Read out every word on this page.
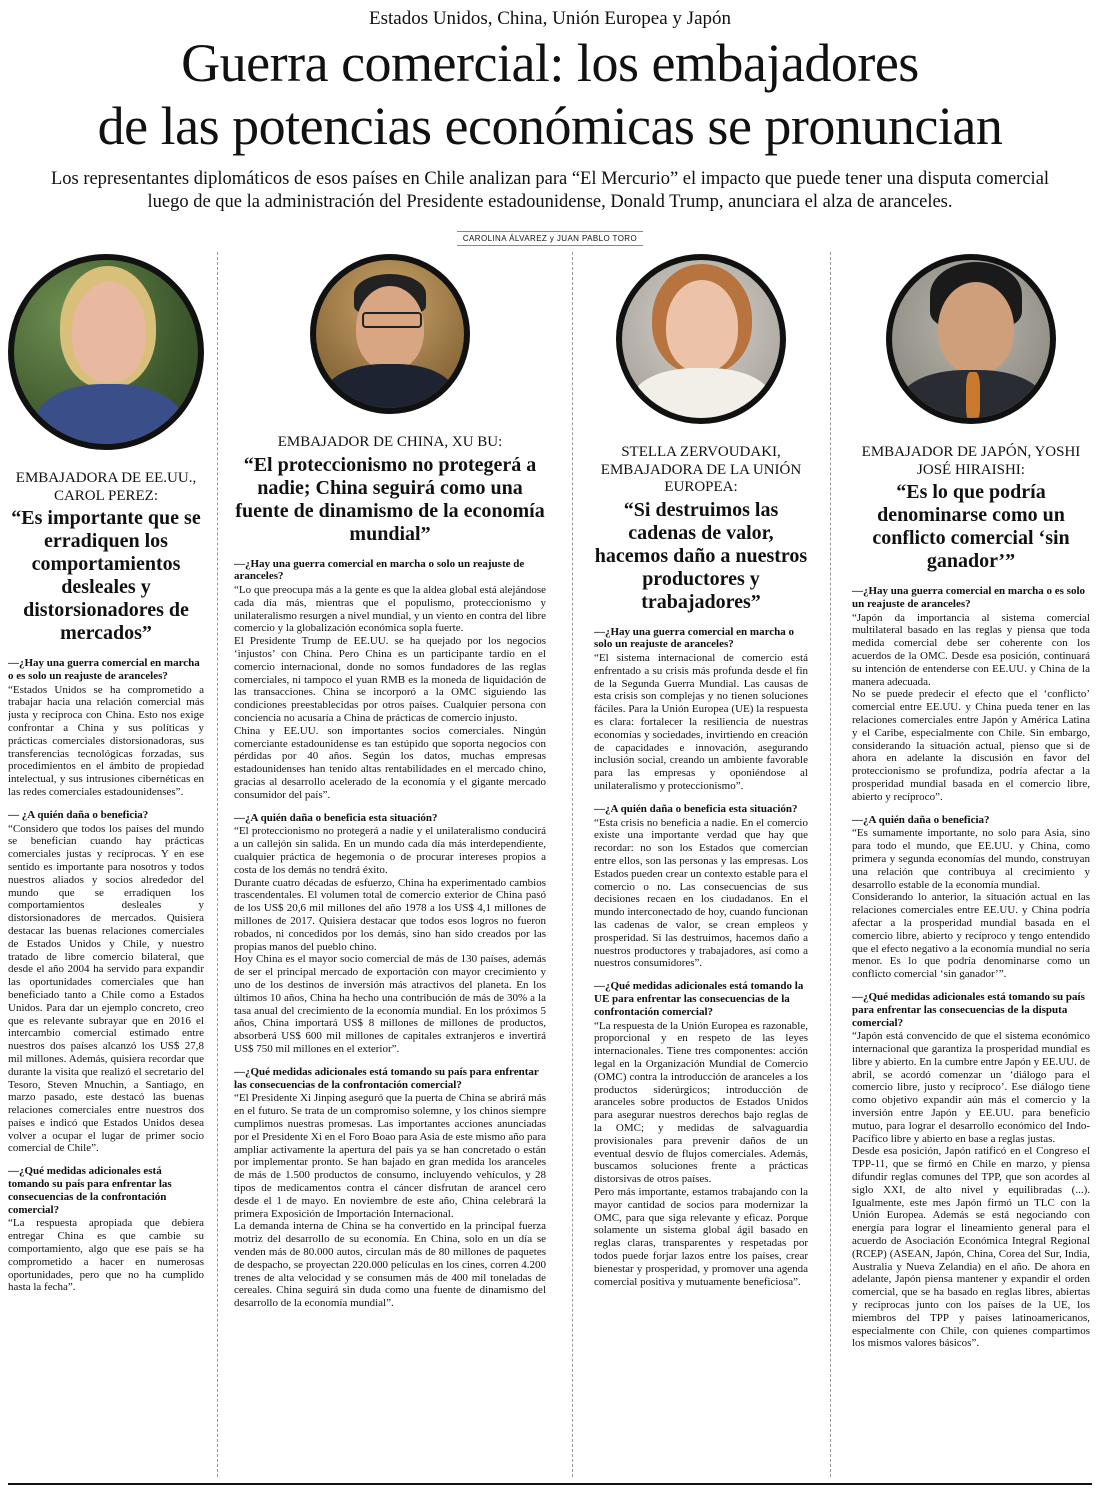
Estados Unidos, China, Unión Europea y Japón
Guerra comercial: los embajadores
de las potencias económicas se pronuncian
Los representantes diplomáticos de esos países en Chile analizan para “El Mercurio” el impacto que puede tener una disputa comercial luego de que la administración del Presidente estadounidense, Donald Trump, anunciara el alza de aranceles.
CAROLINA ÁLVAREZ y JUAN PABLO TORO
EMBAJADORA DE EE.UU., CAROL PEREZ:
“Es importante que se erradiquen los comportamientos desleales y distorsionadores de mercados”

—¿Hay una guerra comercial en marcha o es solo un reajuste de aranceles?

“Estados Unidos se ha comprometido a trabajar hacia una relación comercial más justa y recíproca con China. Esto nos exige confrontar a China y sus políticas y prácticas comerciales distorsionadoras, sus transferencias tecnológicas forzadas, sus procedimientos en el ámbito de propiedad intelectual, y sus intrusiones cibernéticas en las redes comerciales estadounidenses”.

— ¿A quién daña o beneficia?

“Considero que todos los países del mundo se benefician cuando hay prácticas comerciales justas y recíprocas. Y en ese sentido es importante para nosotros y todos nuestros aliados y socios alrededor del mundo que se erradiquen los comportamientos desleales y distorsionadores de mercados. Quisiera destacar las buenas relaciones comerciales de Estados Unidos y Chile, y nuestro tratado de libre comercio bilateral, que desde el año 2004 ha servido para expandir las oportunidades comerciales que han beneficiado tanto a Chile como a Estados Unidos. Para dar un ejemplo concreto, creo que es relevante subrayar que en 2016 el intercambio comercial estimado entre nuestros dos países alcanzó los US$ 27,8 mil millones. Además, quisiera recordar que durante la visita que realizó el secretario del Tesoro, Steven Mnuchin, a Santiago, en marzo pasado, este destacó las buenas relaciones comerciales entre nuestros dos países e indicó que Estados Unidos desea volver a ocupar el lugar de primer socio comercial de Chile”.

—¿Qué medidas adicionales está tomando su país para enfrentar las consecuencias de la confrontación comercial?

“La respuesta apropiada que debiera entregar China es que cambie su comportamiento, algo que ese país se ha comprometido a hacer en numerosas oportunidades, pero que no ha cumplido hasta la fecha”.

EMBAJADOR DE CHINA, XU BU:
“El proteccionismo no protegerá a nadie; China seguirá como una fuente de dinamismo de la economía mundial”

—¿Hay una guerra comercial en marcha o solo un reajuste de aranceles?

“Lo que preocupa más a la gente es que la aldea global está alejándose cada día más, mientras que el populismo, proteccionismo y unilateralismo resurgen a nivel mundial, y un viento en contra del libre comercio y la globalización económica sopla fuerte.

El Presidente Trump de EE.UU. se ha quejado por los negocios ‘injustos’ con China. Pero China es un participante tardío en el comercio internacional, donde no somos fundadores de las reglas comerciales, ni tampoco el yuan RMB es la moneda de liquidación de las transacciones. China se incorporó a la OMC siguiendo las condiciones preestablecidas por otros países. Cualquier persona con conciencia no acusaría a China de prácticas de comercio injusto.

China y EE.UU. son importantes socios comerciales. Ningún comerciante estadounidense es tan estúpido que soporta negocios con pérdidas por 40 años. Según los datos, muchas empresas estadounidenses han tenido altas rentabilidades en el mercado chino, gracias al desarrollo acelerado de la economía y el gigante mercado consumidor del país”.

—¿A quién daña o beneficia esta situación?

“El proteccionismo no protegerá a nadie y el unilateralismo conducirá a un callejón sin salida. En un mundo cada día más interdependiente, cualquier práctica de hegemonía o de procurar intereses propios a costa de los demás no tendrá éxito.

Durante cuatro décadas de esfuerzo, China ha experimentado cambios trascendentales. El volumen total de comercio exterior de China pasó de los US$ 20,6 mil millones del año 1978 a los US$ 4,1 millones de millones de 2017. Quisiera destacar que todos esos logros no fueron robados, ni concedidos por los demás, sino han sido creados por las propias manos del pueblo chino.

Hoy China es el mayor socio comercial de más de 130 países, además de ser el principal mercado de exportación con mayor crecimiento y uno de los destinos de inversión más atractivos del planeta. En los últimos 10 años, China ha hecho una contribución de más de 30% a la tasa anual del crecimiento de la economía mundial. En los próximos 5 años, China importará US$ 8 millones de millones de productos, absorberá US$ 600 mil millones de capitales extranjeros e invertirá US$ 750 mil millones en el exterior”.

—¿Qué medidas adicionales está tomando su país para enfrentar las consecuencias de la confrontación comercial?

“El Presidente Xi Jinping aseguró que la puerta de China se abrirá más en el futuro. Se trata de un compromiso solemne, y los chinos siempre cumplimos nuestras promesas. Las importantes acciones anunciadas por el Presidente Xi en el Foro Boao para Asia de este mismo año para ampliar activamente la apertura del país ya se han concretado o están por implementar pronto. Se han bajado en gran medida los aranceles de más de 1.500 productos de consumo, incluyendo vehículos, y 28 tipos de medicamentos contra el cáncer disfrutan de arancel cero desde el 1 de mayo. En noviembre de este año, China celebrará la primera Exposición de Importación Internacional.

La demanda interna de China se ha convertido en la principal fuerza motriz del desarrollo de su economía. En China, solo en un día se venden más de 80.000 autos, circulan más de 80 millones de paquetes de despacho, se proyectan 220.000 películas en los cines, corren 4.200 trenes de alta velocidad y se consumen más de 400 mil toneladas de cereales. China seguirá sin duda como una fuente de dinamismo del desarrollo de la economía mundial”.

STELLA ZERVOUDAKI, EMBAJADORA DE LA UNIÓN EUROPEA:
“Si destruimos las cadenas de valor, hacemos daño a nuestros productores y trabajadores”

—¿Hay una guerra comercial en marcha o solo un reajuste de aranceles?

“El sistema internacional de comercio está enfrentado a su crisis más profunda desde el fin de la Segunda Guerra Mundial. Las causas de esta crisis son complejas y no tienen soluciones fáciles. Para la Unión Europea (UE) la respuesta es clara: fortalecer la resiliencia de nuestras economías y sociedades, invirtiendo en creación de capacidades e innovación, asegurando inclusión social, creando un ambiente favorable para las empresas y oponiéndose al unilateralismo y proteccionismo”.

—¿A quién daña o beneficia esta situación?

“Esta crisis no beneficia a nadie. En el comercio existe una importante verdad que hay que recordar: no son los Estados que comercian entre ellos, son las personas y las empresas. Los Estados pueden crear un contexto estable para el comercio o no. Las consecuencias de sus decisiones recaen en los ciudadanos. En el mundo interconectado de hoy, cuando funcionan las cadenas de valor, se crean empleos y prosperidad. Si las destruimos, hacemos daño a nuestros productores y trabajadores, así como a nuestros consumidores”.

—¿Qué medidas adicionales está tomando la UE para enfrentar las consecuencias de la confrontación comercial?

“La respuesta de la Unión Europea es razonable, proporcional y en respeto de las leyes internacionales. Tiene tres componentes: acción legal en la Organización Mundial de Comercio (OMC) contra la introducción de aranceles a los productos siderúrgicos; introducción de aranceles sobre productos de Estados Unidos para asegurar nuestros derechos bajo reglas de la OMC; y medidas de salvaguardia provisionales para prevenir daños de un eventual desvío de flujos comerciales. Además, buscamos soluciones frente a prácticas distorsivas de otros países.

Pero más importante, estamos trabajando con la mayor cantidad de socios para modernizar la OMC, para que siga relevante y eficaz. Porque solamente un sistema global ágil basado en reglas claras, transparentes y respetadas por todos puede forjar lazos entre los países, crear bienestar y prosperidad, y promover una agenda comercial positiva y mutuamente beneficiosa”.

EMBAJADOR DE JAPÓN, YOSHI JOSÉ HIRAISHI:
“Es lo que podría denominarse como un conflicto comercial ‘sin ganador’”

—¿Hay una guerra comercial en marcha o es solo un reajuste de aranceles?

“Japón da importancia al sistema comercial multilateral basado en las reglas y piensa que toda medida comercial debe ser coherente con los acuerdos de la OMC. Desde esa posición, continuará su intención de entenderse con EE.UU. y China de la manera adecuada.

No se puede predecir el efecto que el ‘conflicto’ comercial entre EE.UU. y China pueda tener en las relaciones comerciales entre Japón y América Latina y el Caribe, especialmente con Chile. Sin embargo, considerando la situación actual, pienso que si de ahora en adelante la discusión en favor del proteccionismo se profundiza, podría afectar a la prosperidad mundial basada en el comercio libre, abierto y recíproco”.

—¿A quién daña o beneficia?

“Es sumamente importante, no solo para Asia, sino para todo el mundo, que EE.UU. y China, como primera y segunda economías del mundo, construyan una relación que contribuya al crecimiento y desarrollo estable de la economía mundial.

Considerando lo anterior, la situación actual en las relaciones comerciales entre EE.UU. y China podría afectar a la prosperidad mundial basada en el comercio libre, abierto y recíproco y tengo entendido que el efecto negativo a la economía mundial no sería menor. Es lo que podría denominarse como un conflicto comercial ‘sin ganador’”.

—¿Qué medidas adicionales está tomando su país para enfrentar las consecuencias de la disputa comercial?

“Japón está convencido de que el sistema económico internacional que garantiza la prosperidad mundial es libre y abierto. En la cumbre entre Japón y EE.UU. de abril, se acordó comenzar un ‘diálogo para el comercio libre, justo y recíproco’. Ese diálogo tiene como objetivo expandir aún más el comercio y la inversión entre Japón y EE.UU. para beneficio mutuo, para lograr el desarrollo económico del Indo-Pacífico libre y abierto en base a reglas justas.

Desde esa posición, Japón ratificó en el Congreso el TPP-11, que se firmó en Chile en marzo, y piensa difundir reglas comunes del TPP, que son acordes al siglo XXI, de alto nivel y equilibradas (...). Igualmente, este mes Japón firmó un TLC con la Unión Europea. Además se está negociando con energía para lograr el lineamiento general para el acuerdo de Asociación Económica Integral Regional (RCEP) (ASEAN, Japón, China, Corea del Sur, India, Australia y Nueva Zelandia) en el año. De ahora en adelante, Japón piensa mantener y expandir el orden comercial, que se ha basado en reglas libres, abiertas y recíprocas junto con los países de la UE, los miembros del TPP y países latinoamericanos, especialmente con Chile, con quienes compartimos los mismos valores básicos”.
